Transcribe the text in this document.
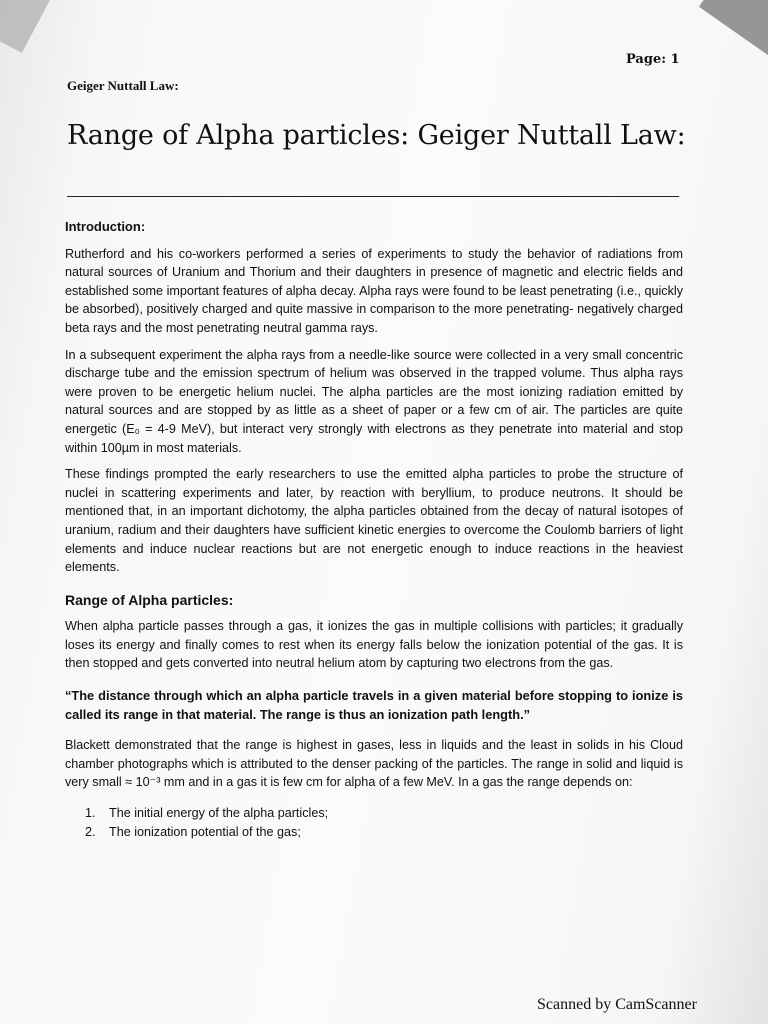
Page: 1
Geiger Nuttall Law:
Range of Alpha particles: Geiger Nuttall Law:
Introduction:

Rutherford and his co-workers performed a series of experiments to study the behavior of radiations from natural sources of Uranium and Thorium and their daughters in presence of magnetic and electric fields and established some important features of alpha decay. Alpha rays were found to be least penetrating (i.e., quickly be absorbed), positively charged and quite massive in comparison to the more penetrating- negatively charged beta rays and the most penetrating neutral gamma rays.

In a subsequent experiment the alpha rays from a needle-like source were collected in a very small concentric discharge tube and the emission spectrum of helium was observed in the trapped volume. Thus alpha rays were proven to be energetic helium nuclei. The alpha particles are the most ionizing radiation emitted by natural sources and are stopped by as little as a sheet of paper or a few cm of air. The particles are quite energetic (E₀ = 4-9 MeV), but interact very strongly with electrons as they penetrate into material and stop within 100µm in most materials.

These findings prompted the early researchers to use the emitted alpha particles to probe the structure of nuclei in scattering experiments and later, by reaction with beryllium, to produce neutrons. It should be mentioned that, in an important dichotomy, the alpha particles obtained from the decay of natural isotopes of uranium, radium and their daughters have sufficient kinetic energies to overcome the Coulomb barriers of light elements and induce nuclear reactions but are not energetic enough to induce reactions in the heaviest elements.

Range of Alpha particles:

When alpha particle passes through a gas, it ionizes the gas in multiple collisions with particles; it gradually loses its energy and finally comes to rest when its energy falls below the ionization potential of the gas. It is then stopped and gets converted into neutral helium atom by capturing two electrons from the gas.

“The distance through which an alpha particle travels in a given material before stopping to ionize is called its range in that material. The range is thus an ionization path length.”

Blackett demonstrated that the range is highest in gases, less in liquids and the least in solids in his Cloud chamber photographs which is attributed to the denser packing of the particles. The range in solid and liquid is very small ≈ 10⁻³ mm and in a gas it is few cm for alpha of a few MeV. In a gas the range depends on:

1.	The initial energy of the alpha particles;
2.	The ionization potential of the gas;
Scanned by CamScanner
